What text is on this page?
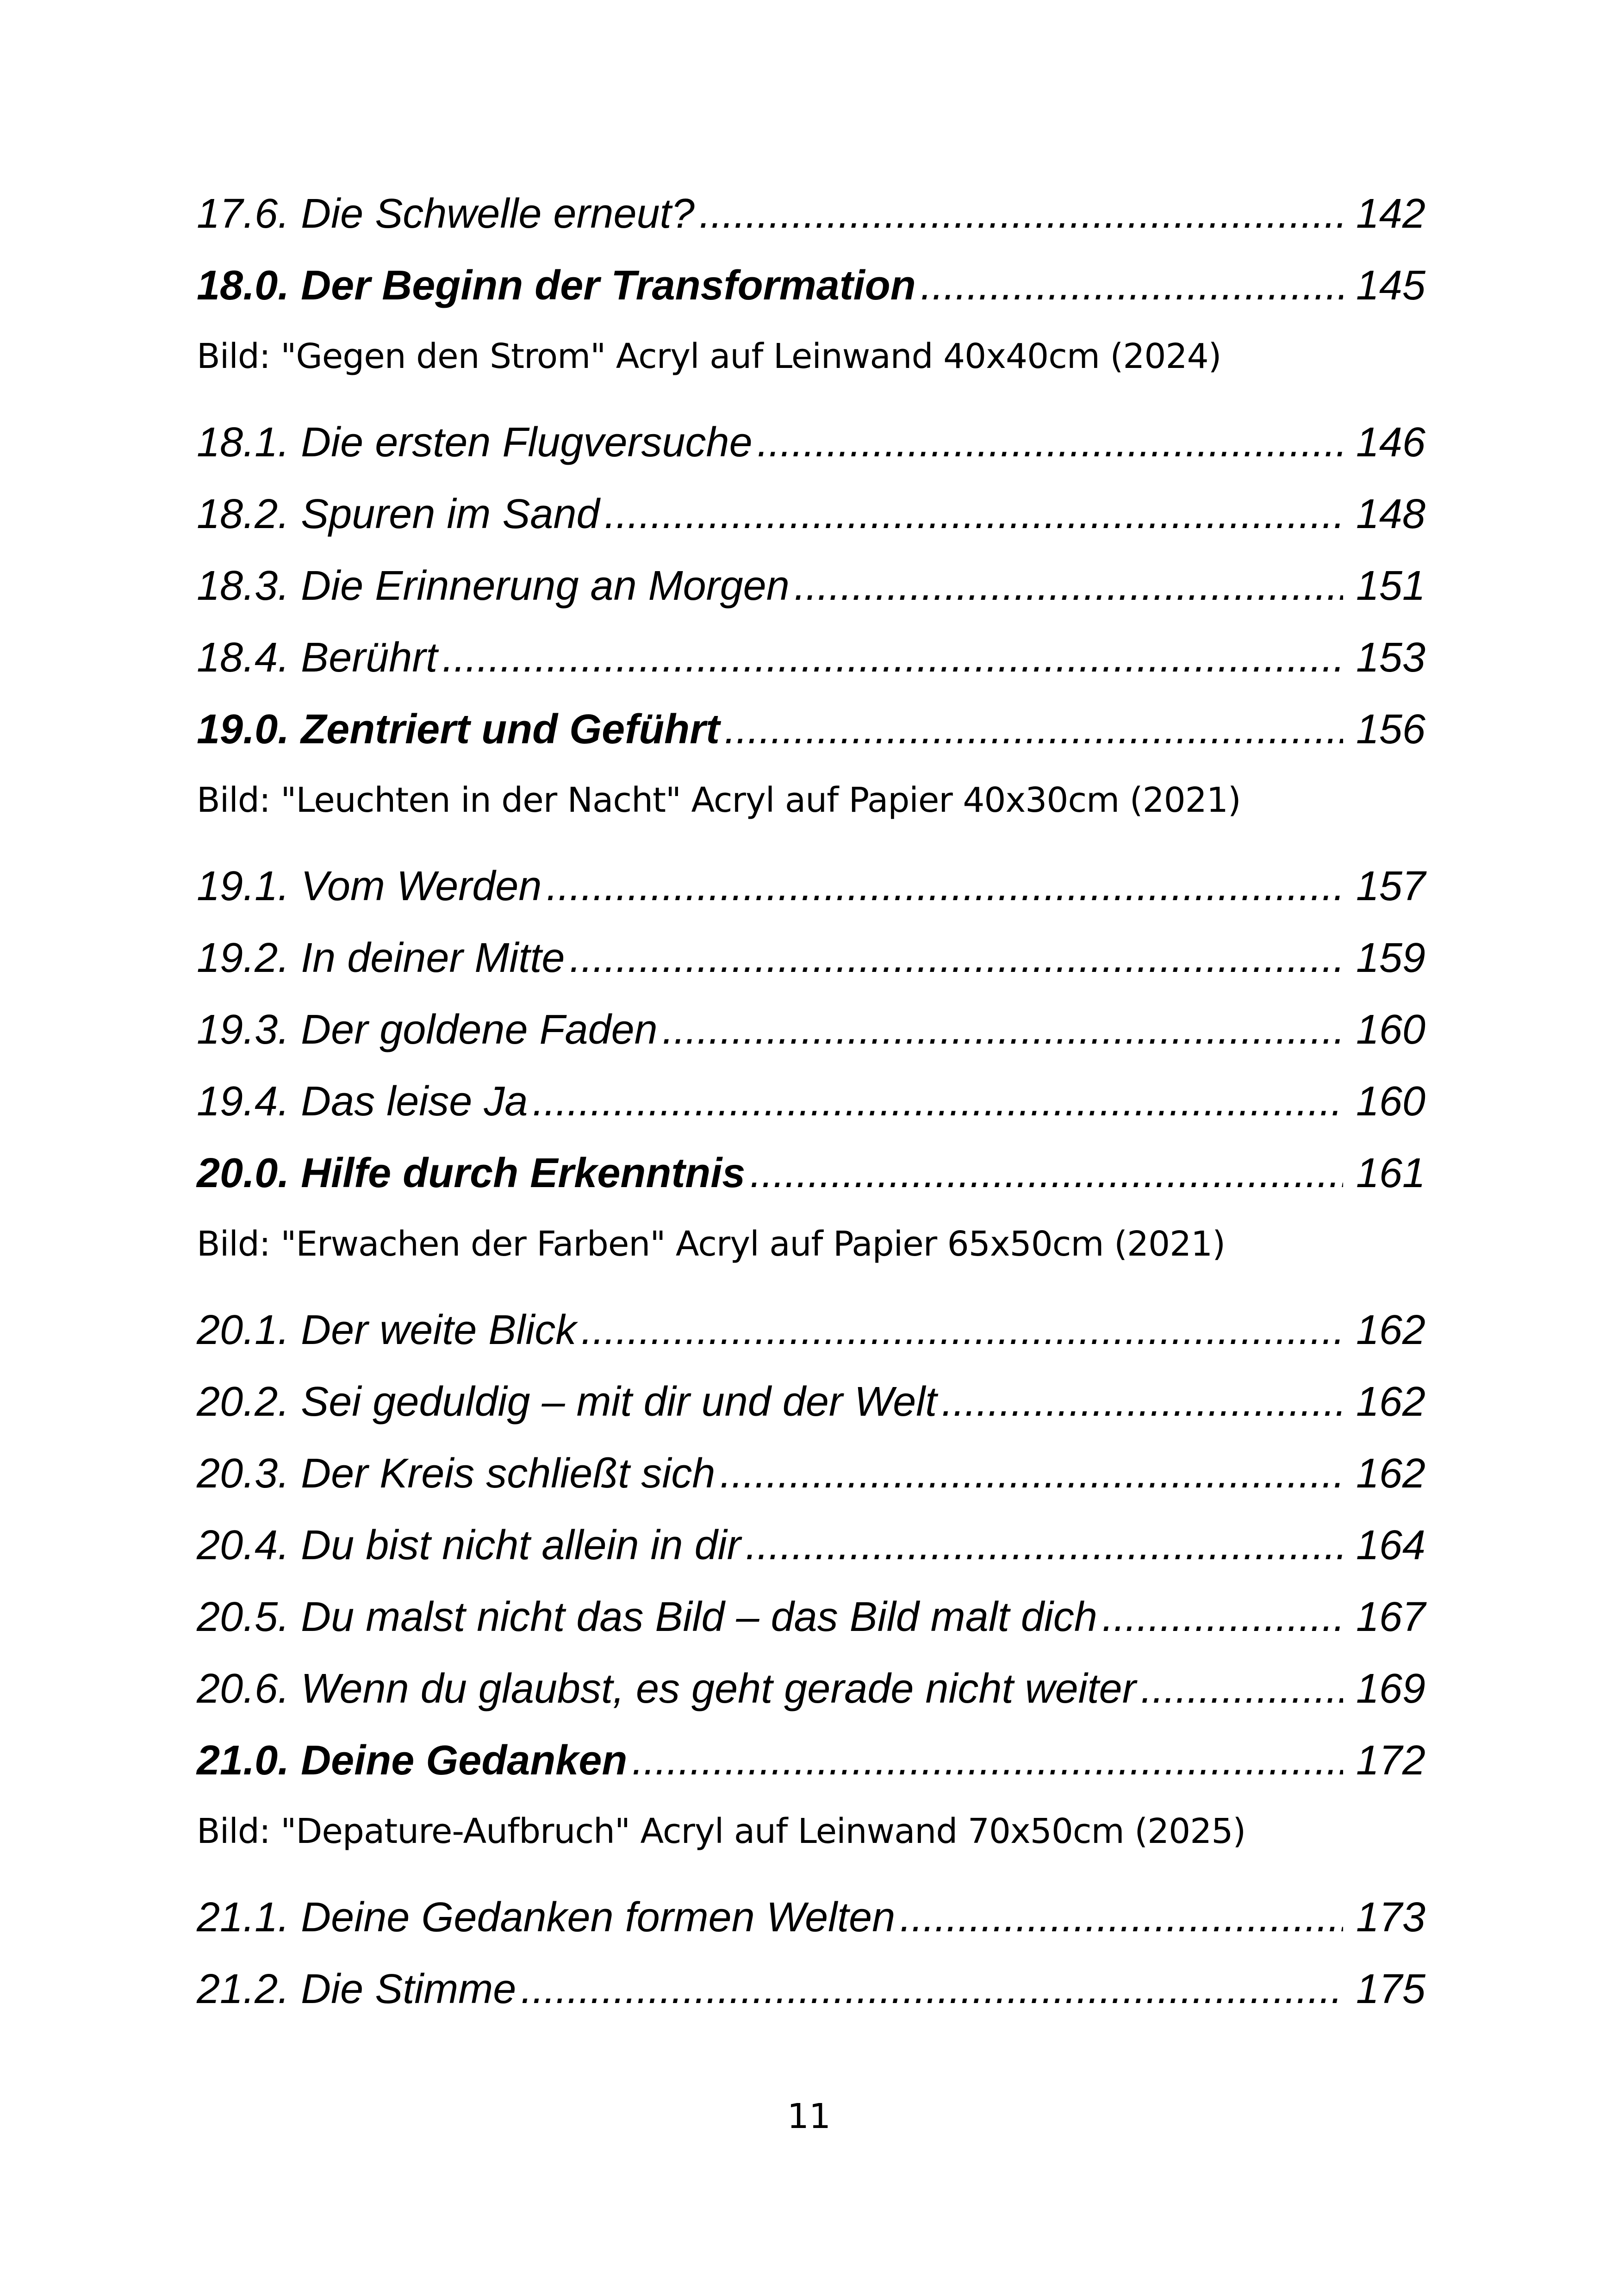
17.6. Die Schwelle erneut? .....	142
18.0. Der Beginn der Transformation .....	145
Bild: "Gegen den Strom" Acryl auf Leinwand 40x40cm (2024)
18.1. Die ersten Flugversuche .....	146
18.2. Spuren im Sand .....	148
18.3. Die Erinnerung an Morgen .....	151
18.4. Berührt .....	153
19.0. Zentriert und Geführt .....	156
Bild: "Leuchten in der Nacht" Acryl auf Papier 40x30cm (2021)
19.1. Vom Werden .....	157
19.2. In deiner Mitte .....	159
19.3. Der goldene Faden .....	160
19.4. Das leise Ja .....	160
20.0. Hilfe durch Erkenntnis .....	161
Bild: "Erwachen der Farben" Acryl auf Papier 65x50cm (2021)
20.1. Der weite Blick .....	162
20.2. Sei geduldig – mit dir und der Welt .....	162
20.3. Der Kreis schließt sich .....	162
20.4. Du bist nicht allein in dir .....	164
20.5. Du malst nicht das Bild – das Bild malt dich .....	167
20.6. Wenn du glaubst, es geht gerade nicht weiter .....	169
21.0. Deine Gedanken .....	172
Bild: "Depature-Aufbruch" Acryl auf Leinwand 70x50cm (2025)
21.1. Deine Gedanken formen Welten .....	173
21.2. Die Stimme .....	175
11
